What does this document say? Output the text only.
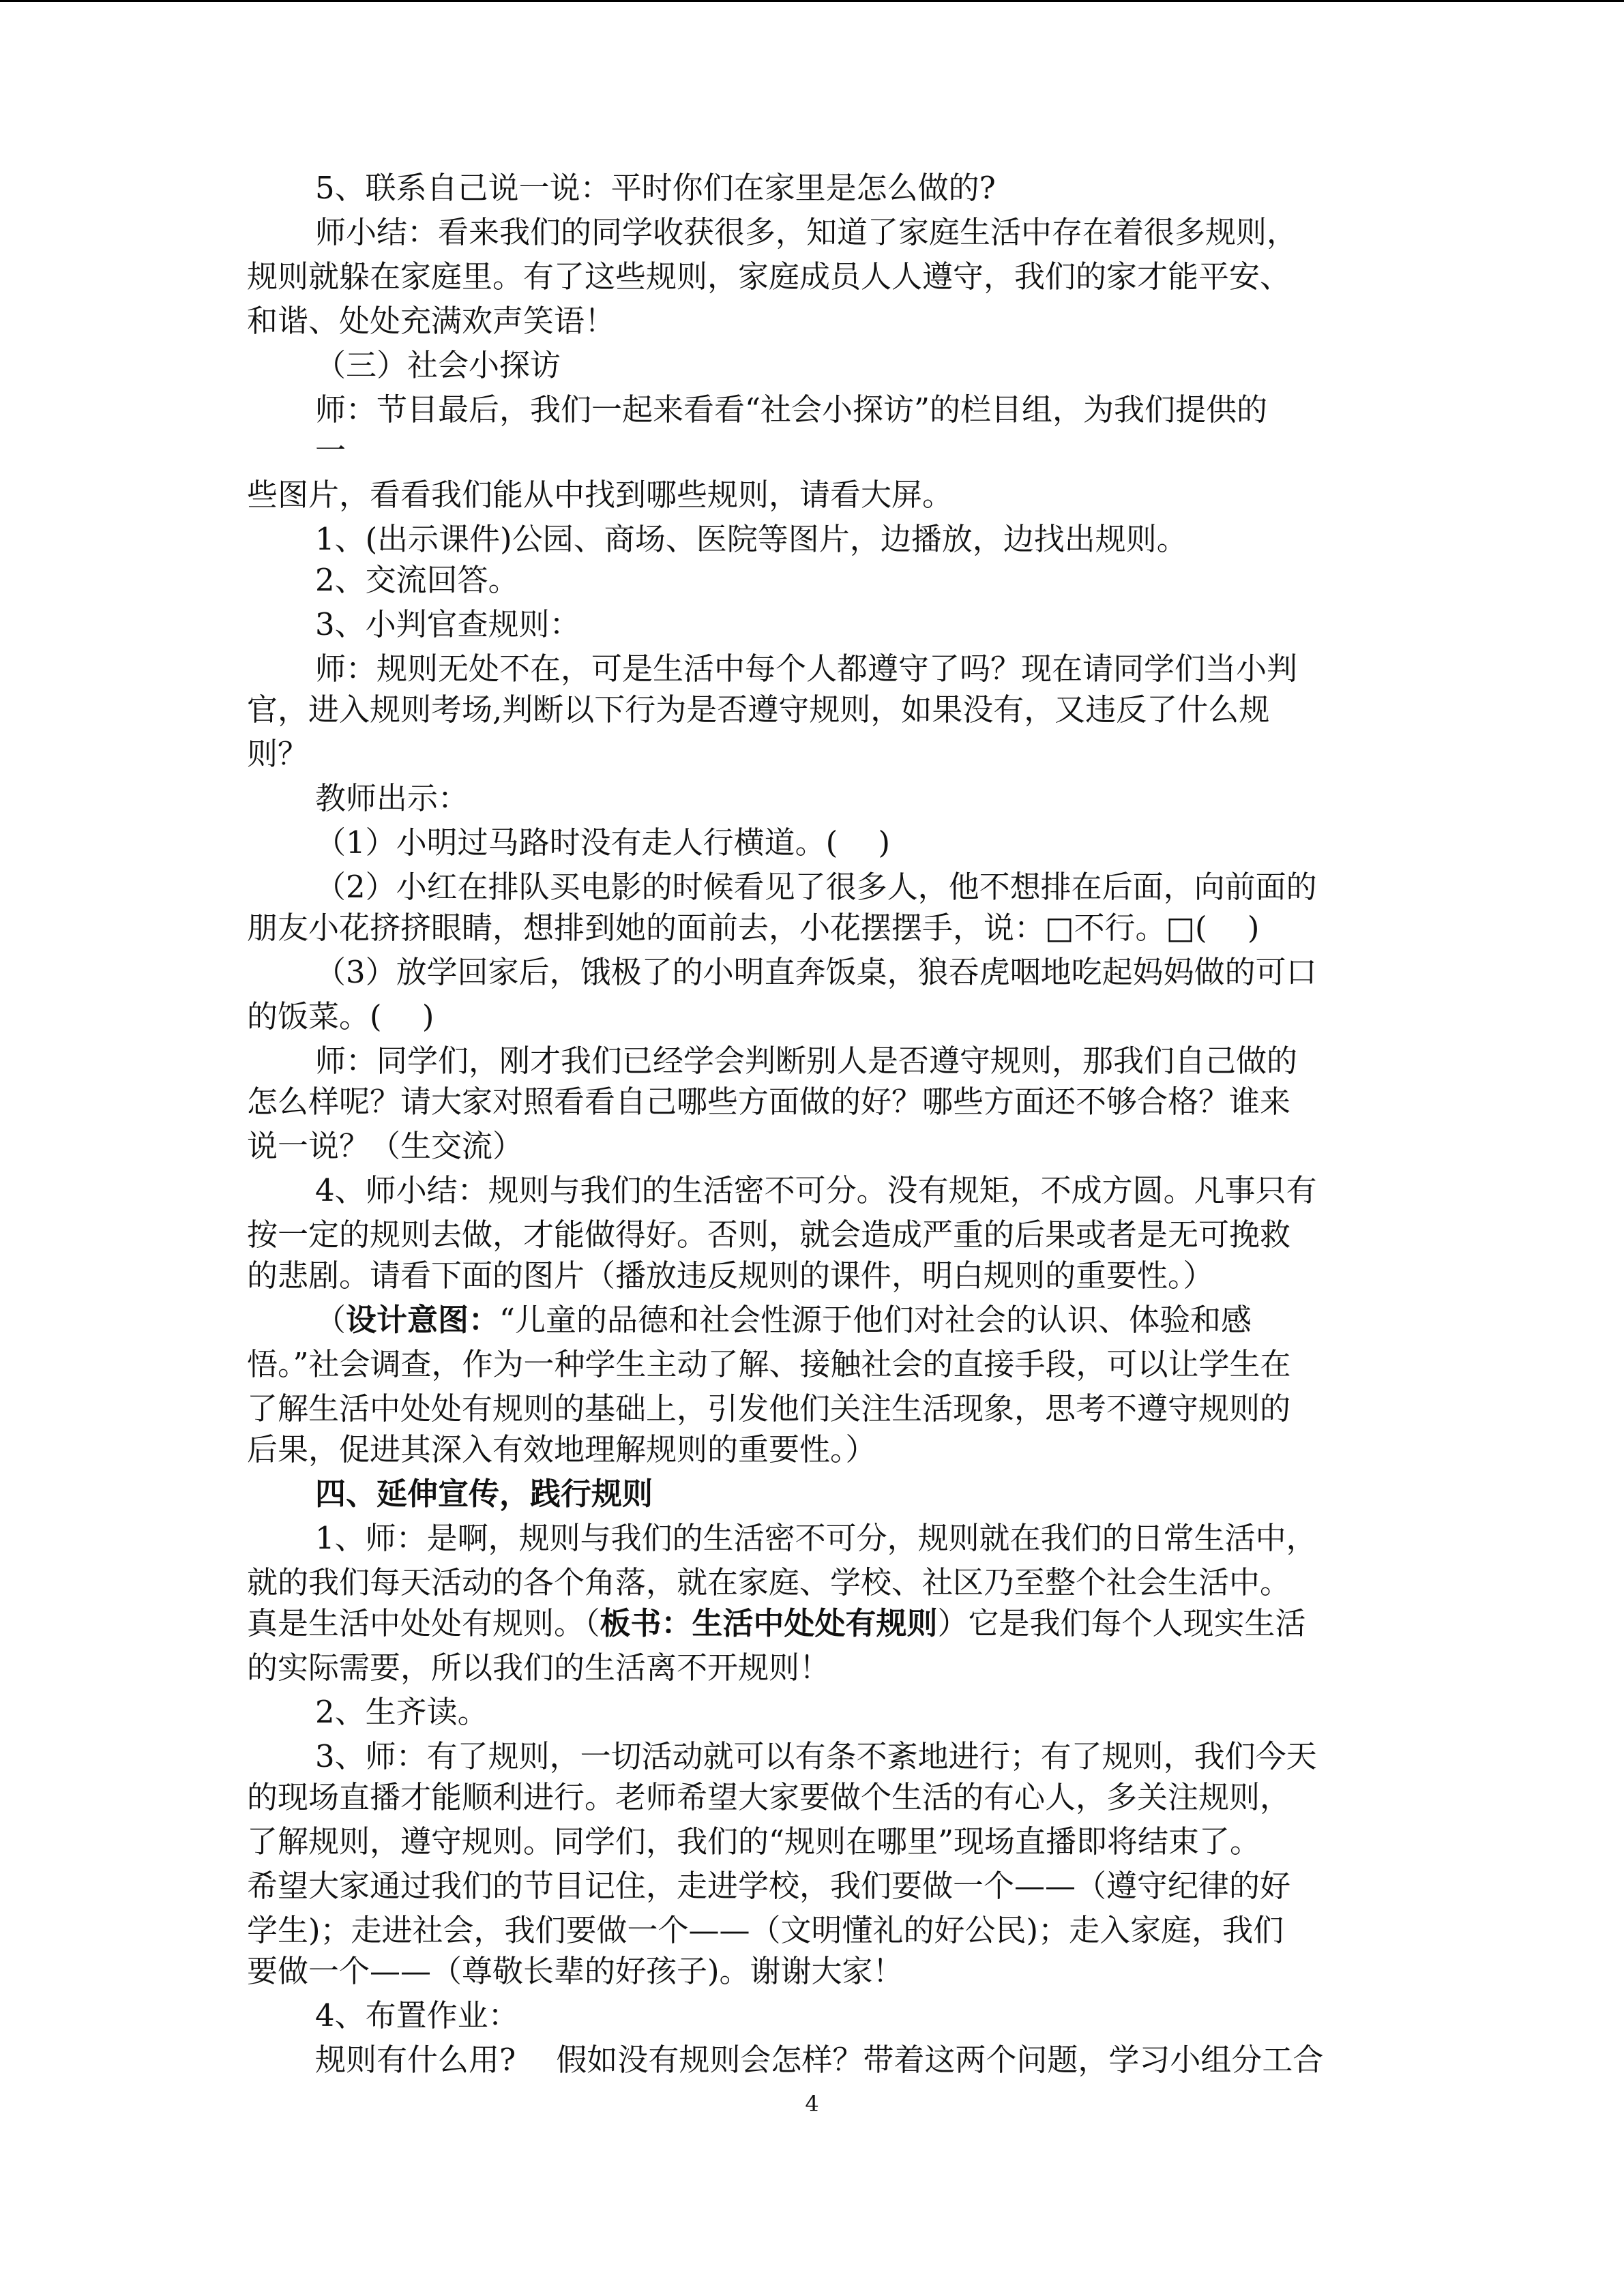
5、联系自己说一说：平时你们在家里是怎么做的?
师小结：看来我们的同学收获很多，知道了家庭生活中存在着很多规则，
规则就躲在家庭里。有了这些规则，家庭成员人人遵守，我们的家才能平安、
和谐、处处充满欢声笑语！
（三）社会小探访
师：节目最后，我们一起来看看“社会小探访”的栏目组，为我们提供的
一
些图片，看看我们能从中找到哪些规则，请看大屏。
1、(出示课件)公园、商场、医院等图片，边播放，边找出规则。
2、交流回答。
3、小判官查规则：
师：规则无处不在，可是生活中每个人都遵守了吗？现在请同学们当小判
官，进入规则考场,判断以下行为是否遵守规则，如果没有，又违反了什么规
则？
教师出示：
（1）小明过马路时没有走人行横道。(　 )
（2）小红在排队买电影的时候看见了很多人，他不想排在后面，向前面的
朋友小花挤挤眼睛，想排到她的面前去，小花摆摆手，说：□不行。□(　 )
（3）放学回家后，饿极了的小明直奔饭桌，狼吞虎咽地吃起妈妈做的可口
的饭菜。(　 )
师：同学们，刚才我们已经学会判断别人是否遵守规则，那我们自己做的
怎么样呢？请大家对照看看自己哪些方面做的好？哪些方面还不够合格？谁来
说一说？（生交流）
4、师小结：规则与我们的生活密不可分。没有规矩，不成方圆。凡事只有
按一定的规则去做，才能做得好。否则，就会造成严重的后果或者是无可挽救
的悲剧。请看下面的图片（播放违反规则的课件，明白规则的重要性。）
（设计意图：“儿童的品德和社会性源于他们对社会的认识、体验和感
悟。”社会调查，作为一种学生主动了解、接触社会的直接手段，可以让学生在
了解生活中处处有规则的基础上，引发他们关注生活现象，思考不遵守规则的
后果，促进其深入有效地理解规则的重要性。）
四、延伸宣传，践行规则
1、师：是啊，规则与我们的生活密不可分，规则就在我们的日常生活中，
就的我们每天活动的各个角落，就在家庭、学校、社区乃至整个社会生活中。
真是生活中处处有规则。（板书：生活中处处有规则）它是我们每个人现实生活
的实际需要，所以我们的生活离不开规则！
2、生齐读。
3、师：有了规则，一切活动就可以有条不紊地进行；有了规则，我们今天
的现场直播才能顺利进行。老师希望大家要做个生活的有心人，多关注规则，
了解规则，遵守规则。同学们，我们的“规则在哪里”现场直播即将结束了。
希望大家通过我们的节目记住，走进学校，我们要做一个——（遵守纪律的好
学生)；走进社会，我们要做一个——（文明懂礼的好公民)；走入家庭，我们
要做一个——（尊敬长辈的好孩子)。谢谢大家！
4、布置作业：
规则有什么用?　 假如没有规则会怎样？带着这两个问题，学习小组分工合
4
